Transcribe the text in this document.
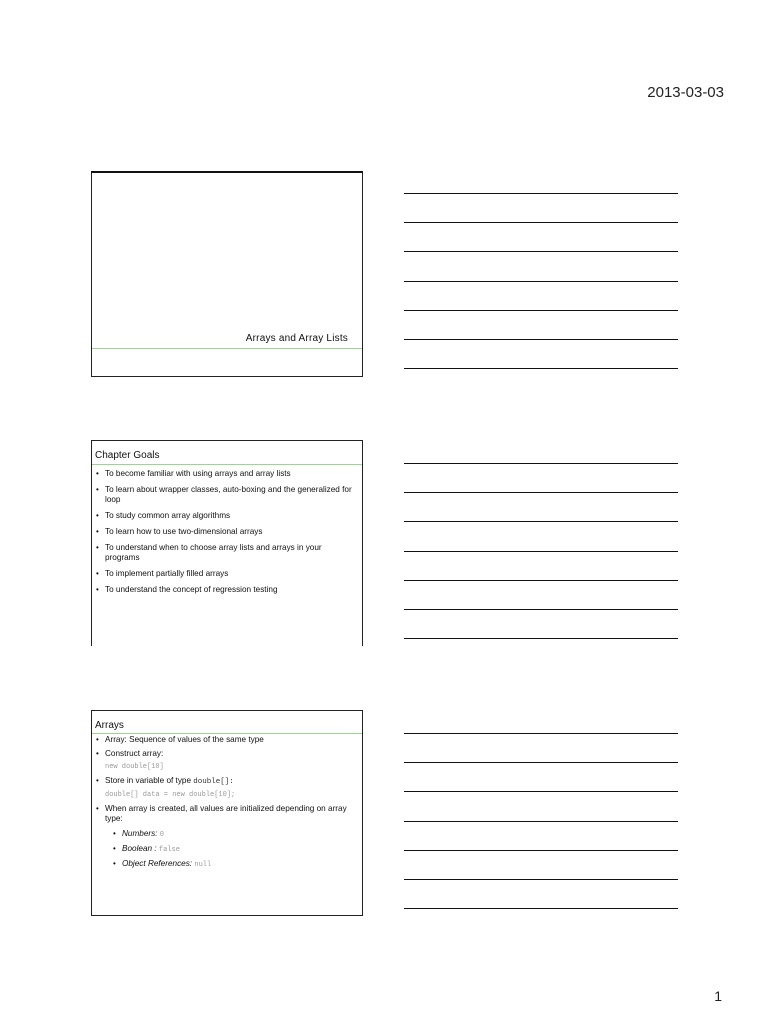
2013-03-03
Arrays and Array Lists
Chapter Goals
• To become familiar with using arrays and array lists
• To learn about wrapper classes, auto-boxing and the generalized for loop
• To study common array algorithms
• To learn how to use two-dimensional arrays
• To understand when to choose array lists and arrays in your programs
• To implement partially filled arrays
• To understand the concept of regression testing
Arrays
• Array: Sequence of values of the same type
• Construct array:
new double[10]
• Store in variable of type double[]:
double[] data = new double[10];
• When array is created, all values are initialized depending on array type:
• Numbers: 0
• Boolean : false
• Object References: null
1
